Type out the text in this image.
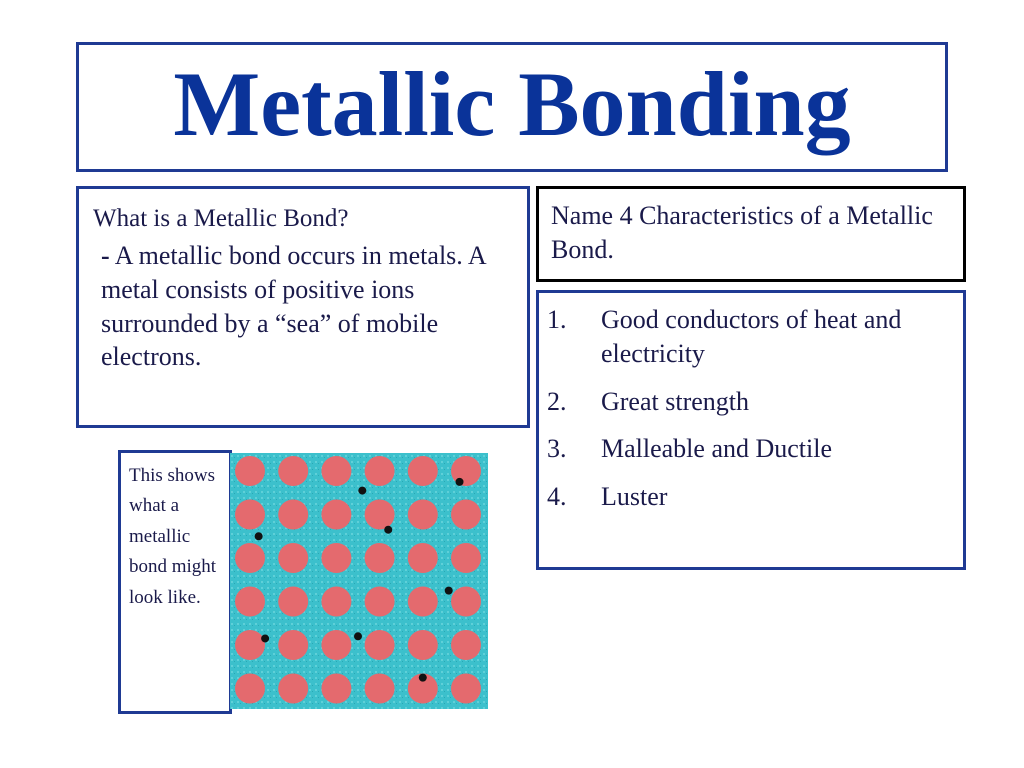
Metallic Bonding

What is a Metallic Bond?

- A metallic bond occurs in metals. A metal consists of positive ions surrounded by a “sea” of mobile electrons.

Name 4 Characteristics of a Metallic Bond.
1.	Good conductors of heat and electricity
2.	Great strength
3.	Malleable and Ductile
4.	Luster
This shows what a metallic bond might look like.
